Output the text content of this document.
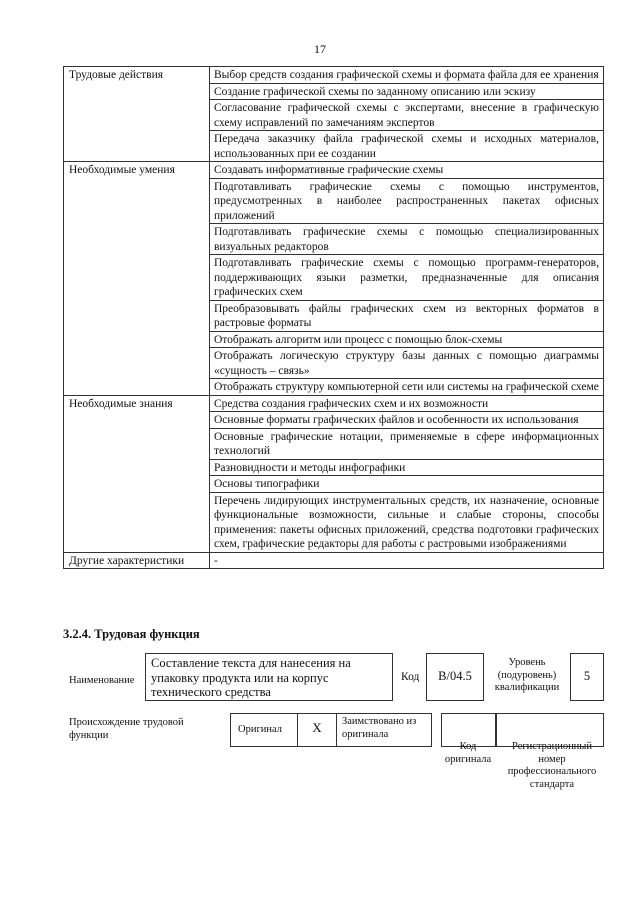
17
Трудовые действия	Выбор средств создания графической схемы и формата файла для ее хранения
	Создание графической схемы по заданному описанию или эскизу
	Согласование графической схемы с экспертами, внесение в графическую схему исправлений по замечаниям экспертов
	Передача заказчику файла графической схемы и исходных материалов, использованных при ее создании
Необходимые умения	Создавать информативные графические схемы
	Подготавливать графические схемы с помощью инструментов, предусмотренных в наиболее распространенных пакетах офисных приложений
	Подготавливать графические схемы с помощью специализированных визуальных редакторов
	Подготавливать графические схемы с помощью программ-генераторов, поддерживающих языки разметки, предназначенные для описания графических схем
	Преобразовывать файлы графических схем из векторных форматов в растровые форматы
	Отображать алгоритм или процесс с помощью блок-схемы
	Отображать логическую структуру базы данных с помощью диаграммы «сущность – связь»
	Отображать структуру компьютерной сети или системы на графической схеме
Необходимые знания	Средства создания графических схем и их возможности
	Основные форматы графических файлов и особенности их использования
	Основные графические нотации, применяемые в сфере информационных технологий
	Разновидности и методы инфографики
	Основы типографики
	Перечень лидирующих инструментальных средств, их назначение, основные функциональные возможности, сильные и слабые стороны, способы применения: пакеты офисных приложений, средства подготовки графических схем, графические редакторы для работы с растровыми изображениями
Другие характеристики	-
3.2.4. Трудовая функция
Наименование
Составление текста для нанесения на упаковку продукта или на корпус технического средства
Код	B/04.5
Уровень (подуровень) квалификации
5
Происхождение трудовой функции	Оригинал	X	Заимствовано из оригинала
Код оригинала
Регистрационный номер профессионального стандарта
